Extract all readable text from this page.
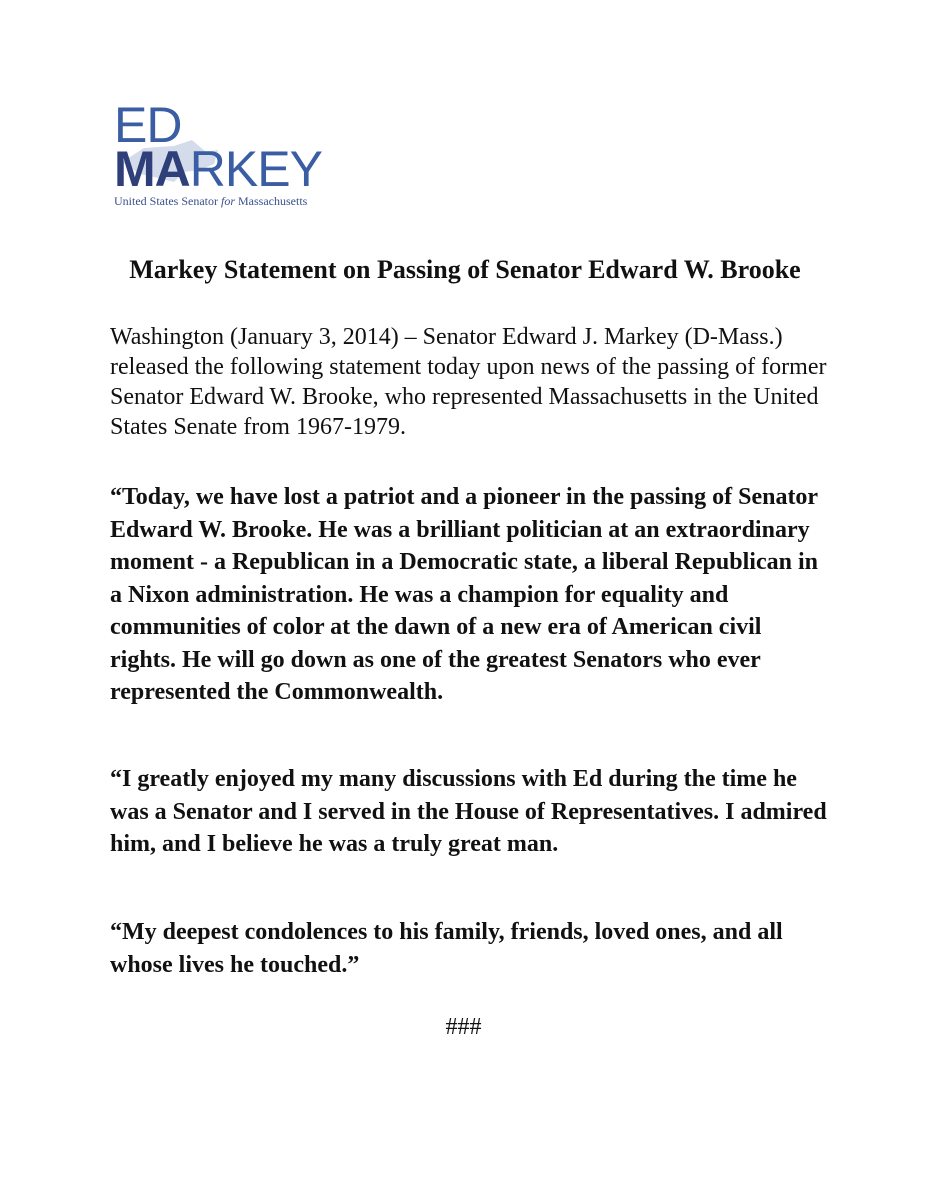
ED
MARKEY
United States Senator for Massachusetts
Markey Statement on Passing of Senator Edward W. Brooke

Washington (January 3, 2014) – Senator Edward J. Markey (D-Mass.) released the following statement today upon news of the passing of former Senator Edward W. Brooke, who represented Massachusetts in the United States Senate from 1967-1979.

“Today, we have lost a patriot and a pioneer in the passing of Senator Edward W. Brooke. He was a brilliant politician at an extraordinary moment - a Republican in a Democratic state, a liberal Republican in a Nixon administration. He was a champion for equality and communities of color at the dawn of a new era of American civil rights. He will go down as one of the greatest Senators who ever represented the Commonwealth.

“I greatly enjoyed my many discussions with Ed during the time he was a Senator and I served in the House of Representatives. I admired him, and I believe he was a truly great man.

“My deepest condolences to his family, friends, loved ones, and all whose lives he touched.”

###
